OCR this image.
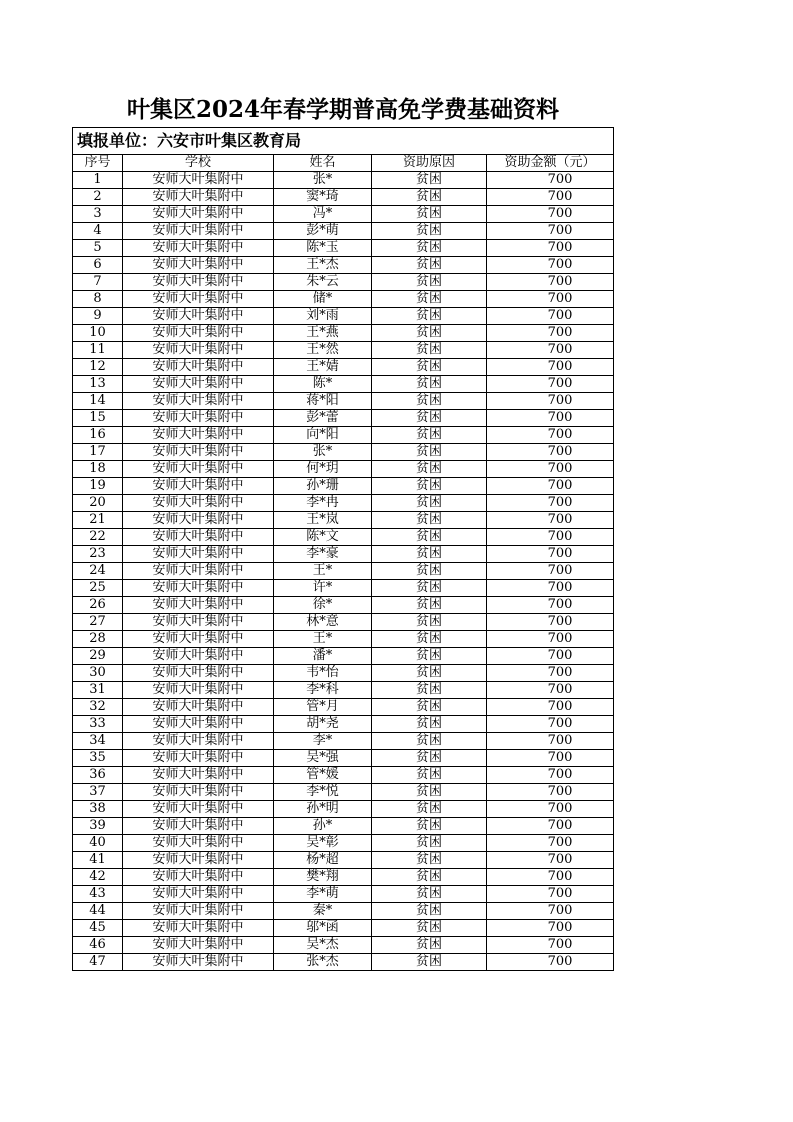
叶集区2024年春学期普高免学费基础资料
填报单位：六安市叶集区教育局				
序号	学校	姓名	资助原因	资助金额（元）
1	安师大叶集附中	张*	贫困	700
2	安师大叶集附中	窦*琦	贫困	700
3	安师大叶集附中	冯*	贫困	700
4	安师大叶集附中	彭*萌	贫困	700
5	安师大叶集附中	陈*玉	贫困	700
6	安师大叶集附中	王*杰	贫困	700
7	安师大叶集附中	朱*云	贫困	700
8	安师大叶集附中	储*	贫困	700
9	安师大叶集附中	刘*雨	贫困	700
10	安师大叶集附中	王*燕	贫困	700
11	安师大叶集附中	王*然	贫困	700
12	安师大叶集附中	王*婧	贫困	700
13	安师大叶集附中	陈*	贫困	700
14	安师大叶集附中	蒋*阳	贫困	700
15	安师大叶集附中	彭*蕾	贫困	700
16	安师大叶集附中	向*阳	贫困	700
17	安师大叶集附中	张*	贫困	700
18	安师大叶集附中	何*玥	贫困	700
19	安师大叶集附中	孙*珊	贫困	700
20	安师大叶集附中	李*冉	贫困	700
21	安师大叶集附中	王*岚	贫困	700
22	安师大叶集附中	陈*文	贫困	700
23	安师大叶集附中	李*豪	贫困	700
24	安师大叶集附中	王*	贫困	700
25	安师大叶集附中	许*	贫困	700
26	安师大叶集附中	徐*	贫困	700
27	安师大叶集附中	林*意	贫困	700
28	安师大叶集附中	王*	贫困	700
29	安师大叶集附中	潘*	贫困	700
30	安师大叶集附中	韦*怡	贫困	700
31	安师大叶集附中	李*科	贫困	700
32	安师大叶集附中	管*月	贫困	700
33	安师大叶集附中	胡*尧	贫困	700
34	安师大叶集附中	李*	贫困	700
35	安师大叶集附中	吴*强	贫困	700
36	安师大叶集附中	管*媛	贫困	700
37	安师大叶集附中	李*悦	贫困	700
38	安师大叶集附中	孙*明	贫困	700
39	安师大叶集附中	孙*	贫困	700
40	安师大叶集附中	吴*彰	贫困	700
41	安师大叶集附中	杨*超	贫困	700
42	安师大叶集附中	樊*翔	贫困	700
43	安师大叶集附中	李*萌	贫困	700
44	安师大叶集附中	秦*	贫困	700
45	安师大叶集附中	邬*函	贫困	700
46	安师大叶集附中	吴*杰	贫困	700
47	安师大叶集附中	张*杰	贫困	700
